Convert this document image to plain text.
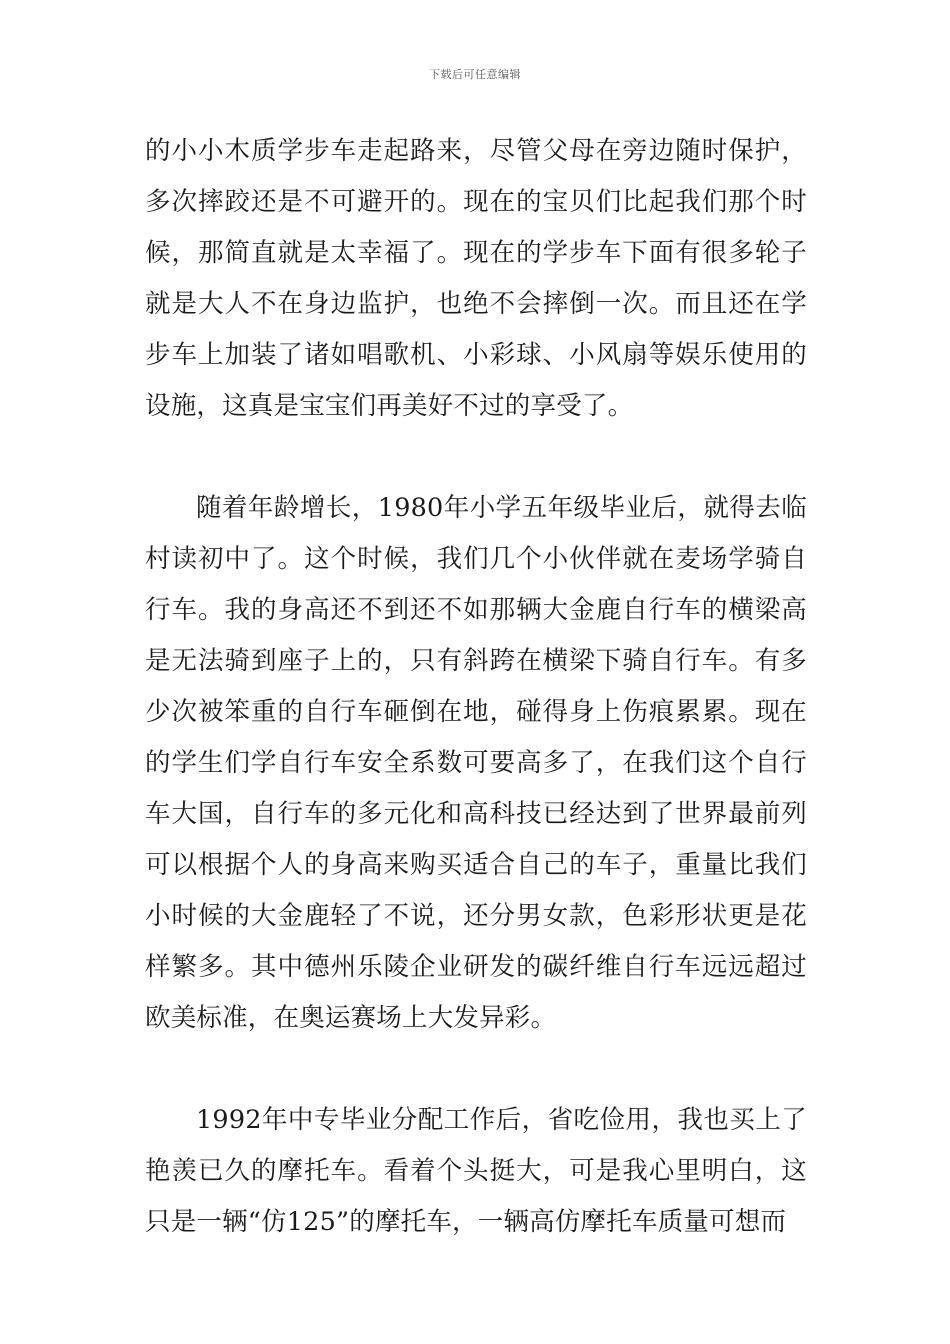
下载后可任意编辑

的小小木质学步车走起路来，尽管父母在旁边随时保护，多次摔跤还是不可避开的。现在的宝贝们比起我们那个时候，那简直就是太幸福了。现在的学步车下面有很多轮子就是大人不在身边监护，也绝不会摔倒一次。而且还在学步车上加装了诸如唱歌机、小彩球、小风扇等娱乐使用的设施，这真是宝宝们再美好不过的享受了。

随着年龄增长，1980年小学五年级毕业后，就得去临村读初中了。这个时候，我们几个小伙伴就在麦场学骑自行车。我的身高还不到还不如那辆大金鹿自行车的横梁高是无法骑到座子上的，只有斜跨在横梁下骑自行车。有多少次被笨重的自行车砸倒在地，碰得身上伤痕累累。现在的学生们学自行车安全系数可要高多了，在我们这个自行车大国，自行车的多元化和高科技已经达到了世界最前列可以根据个人的身高来购买适合自己的车子，重量比我们小时候的大金鹿轻了不说，还分男女款，色彩形状更是花样繁多。其中德州乐陵企业研发的碳纤维自行车远远超过欧美标准，在奥运赛场上大发异彩。

1992年中专毕业分配工作后，省吃俭用，我也买上了艳羡已久的摩托车。看着个头挺大，可是我心里明白，这只是一辆“仿125”的摩托车，一辆高仿摩托车质量可想而
